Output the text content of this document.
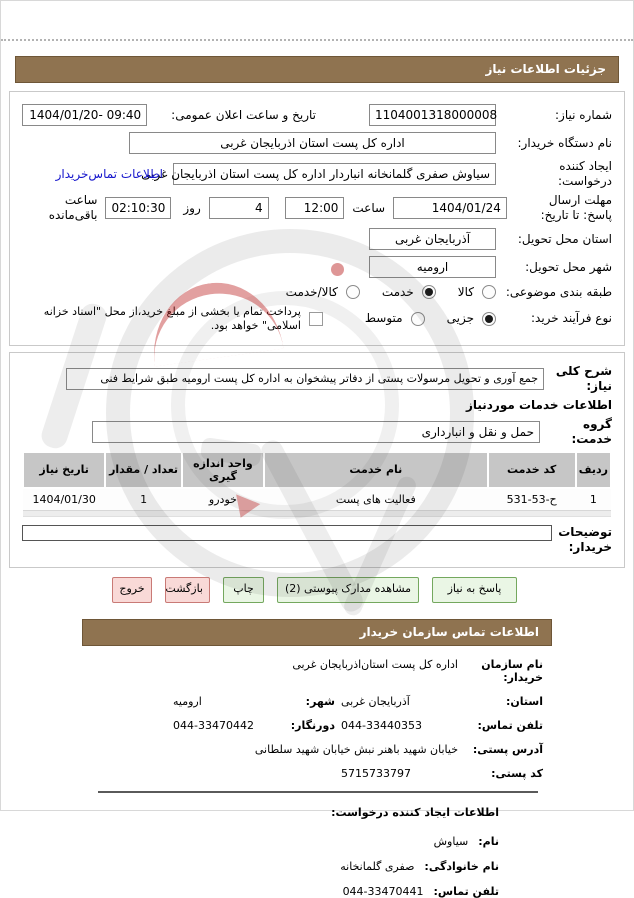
جزئیات اطلاعات نیاز
شماره نیاز:
1104001318000008
تاریخ و ساعت اعلان عمومی:
1404/01/20- 09:40
نام دستگاه خریدار:
اداره کل پست استان اذربایجان غربی
ایجاد کننده درخواست:
سیاوش صفری گلمانخانه انباردار اداره کل پست استان اذربایجان غربی
اطلاعات تماس‌خریدار
مهلت ارسال پاسخ: تا تاریخ:
1404/01/24
ساعت
12:00
4
روز
02:10:30
ساعت باقی‌مانده
استان محل تحویل:
آذربایجان غربی
شهر محل تحویل:
ارومیه
طبقه بندی موضوعی:
کالا
خدمت
کالا/خدمت
نوع فرآیند خرید:
جزیی
متوسط
پرداخت تمام یا بخشی از مبلغ خرید،از محل "اسناد خزانه اسلامی" خواهد بود.
شرح کلی نیاز:
جمع آوری و تحویل مرسولات پستی از دفاتر پیشخوان به اداره کل پست ارومیه طبق شرایط فنی
اطلاعات خدمات موردنیاز
گروه خدمت:
حمل و نقل و انبارداری
ردیف	کد خدمت	نام خدمت	واحد اندازه گیری	تعداد / مقدار	تاریخ نیاز
1	531-53-ح	فعالیت های پست	خودرو	1	1404/01/30

توضیحات خریدار:
پاسخ به نیاز
مشاهده مدارک پیوستی (2)
چاپ
بازگشت
خروج
اطلاعات تماس سازمان خریدار
نام سازمان خریدار:
اداره کل پست استان‌اذربایجان غربی
استان:
آذربایجان غربی
شهر:
ارومیه
تلفن تماس:
044-33440353
دورنگار:
044-33470442
آدرس پستی:
خیابان شهید باهنر نبش خیابان شهید سلطانی
کد پستی:
5715733797
اطلاعات ایجاد کننده درخواست:
نام:
سیاوش
نام خانوادگی:
صفری گلمانخانه
تلفن تماس:
044-33470441
